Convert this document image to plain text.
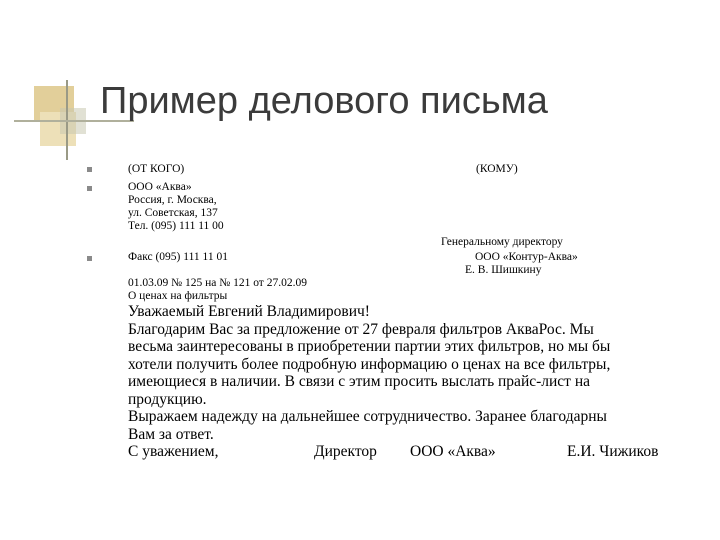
Пример делового письма
(ОТ КОГО)	(КОМУ)
ООО «Аква»
Россия, г. Москва,
ул. Советская, 137
Тел. (095) 111 11 00
Генеральному директору
Факс (095) 111 11 01	ООО «Контур-Аква»
Е. В. Шишкину
01.03.09 № 125 на № 121 от 27.02.09
О ценах на фильтры
Уважаемый Евгений Владимирович!
Благодарим Вас за предложение от 27 февраля фильтров АкваРос. Мы
весьма заинтересованы в приобретении партии этих фильтров, но мы бы
хотели получить более подробную информацию о ценах на все фильтры,
имеющиеся в наличии. В связи с этим просить выслать прайс-лист на
продукцию.
Выражаем надежду на дальнейшее сотрудничество. Заранее благодарны
Вам за ответ.
С уважением,	Директор ООО «Аква»	Е.И. Чижиков
